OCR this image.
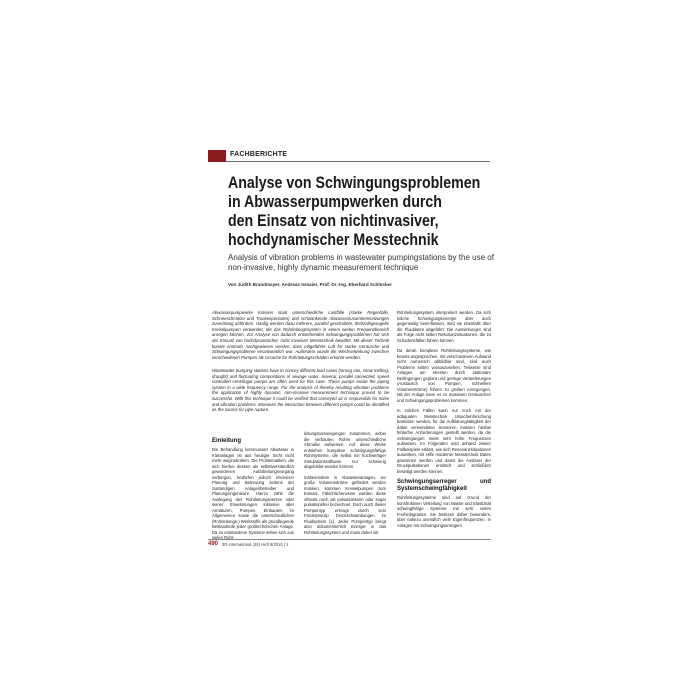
FACHBERICHTE
Analyse von Schwingungsproblemen
in Abwasserpumpwerken durch
den Einsatz von nichtinvasiver,
hochdynamischer Messtechnik

Analysis of vibration problems in wastewater pumpingstations by the use of non-invasive, highly dynamic measurement technique

Von Judith Brandmayer, Andreas Ismaier, Prof. Dr.-Ing. Eberhard Schlücker

Abwasserpumpwerke müssen stark unterschiedliche Lastfälle (starke Regenfälle, Schneeschmelze und Trockenperioden) und schwankende Abwasserzusammensetzungen zuverlässig abfördern. Häufig werden dazu mehrere, parallel geschaltete, drehzahlgeregelte Kreiselpumpen verwendet, die das Rohrleitungssystem in einem weiten Frequenzbereich anregen können. Zur Analyse von dadurch entstehenden Schwingungsproblemen hat sich der Einsatz von hochdynamischer, nicht invasiver Messtechnik bewährt. Mit dieser Technik konnte erstmals nachgewiesen werden, dass mitgeführte Luft für starke Geräusche und Schwingungsprobleme verantwortlich war. Außerdem wurde die Wechselwirkung zwischen verschiedenen Pumpen als Ursache für Rohrleitungsschäden erkannt werden.

Wastewater pumping stations have to convey different load cases (strong rain, snow melting, draught) and fluctuating compositions of sewage water. Several, parallel connected, speed controlled centrifugal pumps are often used for this case. These pumps excite the piping system in a wide frequency range. For the analysis of thereby resulting vibration problems the application of highly dynamic, non-invasive measurement technique proved to be successful. With this technique it could be verified that conveyed air is responsible for noise and vibration problems. Moreover the interaction between different pumps could be identified as the source for pipe rupture.

Rohrleitungssystem interpretiert werden. Da sich solche Schwingungsenergie aber auch gegenseitig beeinflussen, wird sie ebenfalls über die Fluiddaten abgeführt. Die Auswirkungen sind als Folge nicht selten Resonanzsituationen, die zu Schadensfällen führen können.

Da derart komplexe Rohrleitungssysteme, wie bereits angesprochen, mit verschiedenen Aufwand nicht numerisch abbildbar sind, sind auch Probleme selten vorauszusehen. Teilweise sind Anlagen am ehesten durch stationäre Bedingungen geplant und geringe Veränderungen (Austausch von Pumpen, schnellere Volumenströme) führen zu großen Anregungen. Mit der Anlage kann es zu massiven Geräuschen und Schwingungsproblemen kommen.

In solchen Fällen kann nur noch mit der adäquaten Messtechnik Ursachenforschung betrieben werden, für die Aufklärungstätigkeit der dabei verwendeten Sensoren müssen hierbei fehlerfrei Anforderungen gestellt werden, da die Schwingungen meist sehr hohe Frequenzen aufweisen. Im Folgenden wird anhand zweier Fallbeispiele erklärt, wie sich Resonanzsituationen auswirken, mit Hilfe moderner Messtechnik Daten gewonnen werden und damit die Auslöser der Druckpulsationen ermittelt und schließlich beseitigt werden können.

Schwingungserreger und Systemschwingfähigkeit

Rohrleitungssysteme sind auf Grund der konstruktiven Verteilung von Masse und Elastizität schwingfähige Systeme mit sehr vielen Freiheitsgraden. Sie besitzen daher besonders, aber nahezu unendlich viele Eigenfrequenzen. In Anlagen mit Schwingungsanregern

Einleitung

Die Behandlung kommunaler Abwässer in Kläranlagen ist aus heutiger Sicht nicht mehr wegzudenken. Die Problematiken, die sich hierbei dessen als selbstverständlich gewordenen Aufarbeitungsvorgang verbergen, bedürfen jedoch intensiver Planung und Betreuung seitens der zuständigen Anlagenbetreiber und Planungsingenieure. Hierzu zählt die Auslegung des Rohrleitungsnetzes oder seiner Erweiterungen inklusive aller Armaturen, Pumpen, Einbauten im Allgemeinen sowie die unterschiedlichen (Rohrleitungs-) Werkstoffe als grundlegende Bestandteile jeder großtechnischen Anlage. Da so entstandene Systeme selten sich aus vielen Rohr-

leitungsanzweigungen zusammen, wobei die verbauten Rohre unterschiedliche Abmaße aufweisen. Auf diese Weise entstehen komplexe schwingungsfähige Rohrsysteme, die selbst mit hochwertiger Simulationssoftware nur schwierig abgebildet werden können.

Insbesondere in Abwasseranlagen, wo große Volumenströme gefördert werden müssen, kommen Kreiselpumpen zum Einsatz. Fälschlicherweise werden diese oftmals noch als pulsationsarm oder sogar pulsationsfrei bezeichnet. Doch auch dieser Pumpentyp erzeugt durch sein Förderprinzip Druckschwankungen im Fluidsystem [1]. Jeder Pumpentyp bringt also dokumentierlich Energie in das Rohrleitungssystem und muss daher als

490 3R international (49) Heft 8/2010 | 1
